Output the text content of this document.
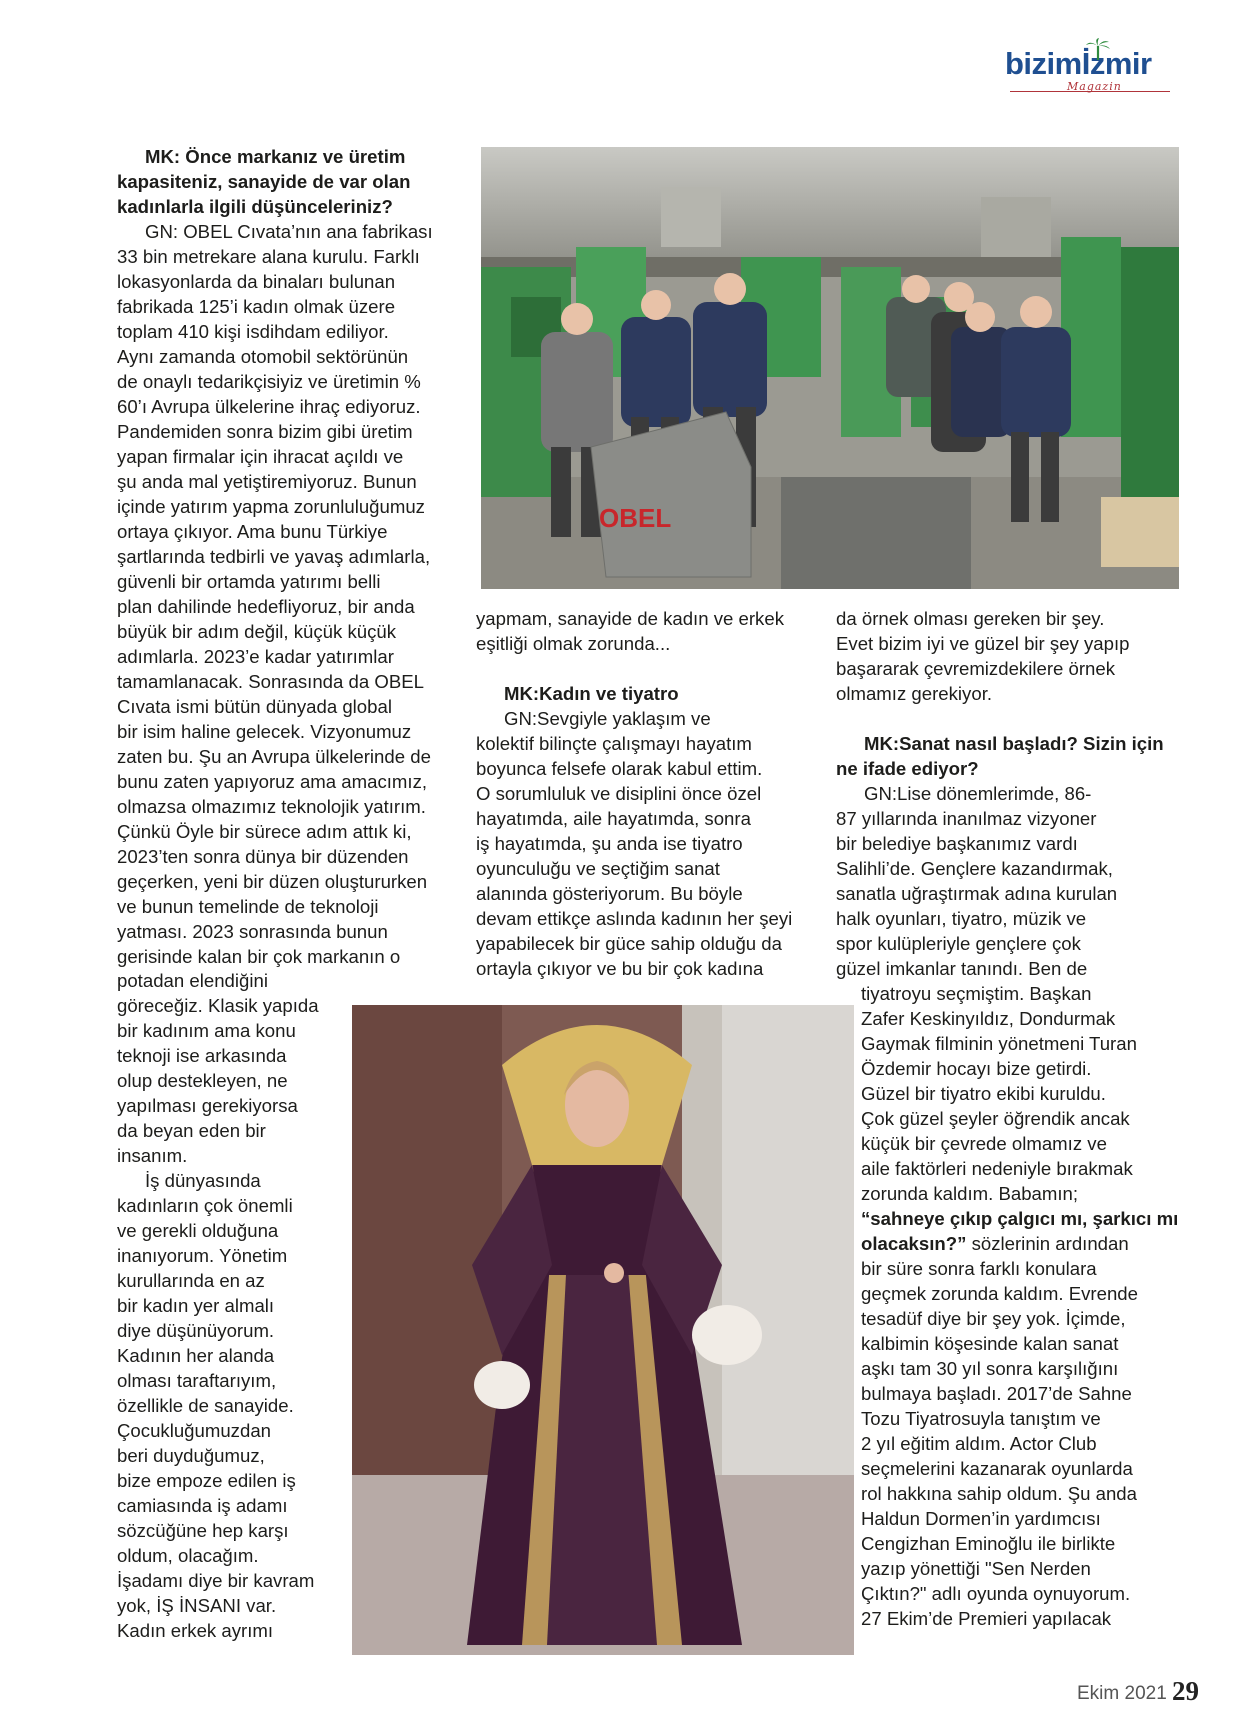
bizimİzmir
Magazin
OBEL

MK: Önce markanız ve üretim kapasiteniz, sanayide de var olan kadınlarla ilgili düşünceleriniz?

GN: OBEL Cıvata’nın ana fabrikası

33 bin metrekare alana kurulu. Farklı

lokasyonlarda da binaları bulunan

fabrikada 125’i kadın olmak üzere

toplam 410 kişi isdihdam ediliyor.

Aynı zamanda otomobil sektörünün

de onaylı tedarikçisiyiz ve üretimin %

60’ı Avrupa ülkelerine ihraç ediyoruz.

Pandemiden sonra bizim gibi üretim

yapan firmalar için ihracat açıldı ve

şu anda mal yetiştiremiyoruz. Bunun

içinde yatırım yapma zorunluluğumuz

ortaya çıkıyor. Ama bunu Türkiye

şartlarında tedbirli ve yavaş adımlarla,

güvenli bir ortamda yatırımı belli

plan dahilinde hedefliyoruz, bir anda

büyük bir adım değil, küçük küçük

adımlarla. 2023’e kadar yatırımlar

tamamlanacak. Sonrasında da OBEL

Cıvata ismi bütün dünyada global

bir isim haline gelecek. Vizyonumuz

zaten bu. Şu an Avrupa ülkelerinde de

bunu zaten yapıyoruz ama amacımız,

olmazsa olmazımız teknolojik yatırım.

Çünkü Öyle bir sürece adım attık ki,

2023’ten sonra dünya bir düzenden

geçerken, yeni bir düzen oluştururken

ve bunun temelinde de teknoloji

yatması. 2023 sonrasında bunun

gerisinde kalan bir çok markanın o

potadan elendiğini

göreceğiz. Klasik yapıda

bir kadınım ama konu

teknoji ise arkasında

olup destekleyen, ne

yapılması gerekiyorsa

da beyan eden bir

insanım.

İş dünyasında

kadınların çok önemli

ve gerekli olduğuna

inanıyorum. Yönetim

kurullarında en az

bir kadın yer almalı

diye düşünüyorum.

Kadının her alanda

olması taraftarıyım,

özellikle de sanayide.

Çocukluğumuzdan

beri duyduğumuz,

bize empoze edilen iş

camiasında iş adamı

sözcüğüne hep karşı

oldum, olacağım.

İşadamı diye bir kavram

yok, İŞ İNSANI var.

Kadın erkek ayrımı

yapmam, sanayide de kadın ve erkek

eşitliği olmak zorunda...

MK:Kadın ve tiyatro

GN:Sevgiyle yaklaşım ve

kolektif bilinçte çalışmayı hayatım

boyunca felsefe olarak kabul ettim.

O sorumluluk ve disiplini önce özel

hayatımda, aile hayatımda, sonra

iş hayatımda, şu anda ise tiyatro

oyunculuğu ve seçtiğim sanat

alanında gösteriyorum. Bu böyle

devam ettikçe aslında kadının her şeyi

yapabilecek bir güce sahip olduğu da

ortayla çıkıyor ve bu bir çok kadına

da örnek olması gereken bir şey.

Evet bizim iyi ve güzel bir şey yapıp

başararak çevremizdekilere örnek

olmamız gerekiyor.

MK:Sanat nasıl başladı? Sizin için ne ifade ediyor?

GN:Lise dönemlerimde, 86-

87 yıllarında inanılmaz vizyoner

bir belediye başkanımız vardı

Salihli’de. Gençlere kazandırmak,

sanatla uğraştırmak adına kurulan

halk oyunları, tiyatro, müzik ve

spor kulüpleriyle gençlere çok

güzel imkanlar tanındı. Ben de

tiyatroyu seçmiştim. Başkan

Zafer Keskinyıldız, Dondurmak

Gaymak filminin yönetmeni Turan

Özdemir hocayı bize getirdi.

Güzel bir tiyatro ekibi kuruldu.

Çok güzel şeyler öğrendik ancak

küçük bir çevrede olmamız ve

aile faktörleri nedeniyle bırakmak

zorunda kaldım. Babamın;

“sahneye çıkıp çalgıcı mı, şarkıcı mı olacaksın?” sözlerinin ardından

bir süre sonra farklı konulara

geçmek zorunda kaldım. Evrende

tesadüf diye bir şey yok. İçimde,

kalbimin köşesinde kalan sanat

aşkı tam 30 yıl sonra karşılığını

bulmaya başladı. 2017’de Sahne

Tozu Tiyatrosuyla tanıştım ve

2 yıl eğitim aldım. Actor Club

seçmelerini kazanarak oyunlarda

rol hakkına sahip oldum. Şu anda

Haldun Dormen’in yardımcısı

Cengizhan Eminoğlu ile birlikte

yazıp yönettiği "Sen Nerden

Çıktın?" adlı oyunda oynuyorum.

27 Ekim’de Premieri yapılacak

Ekim 2021 29
